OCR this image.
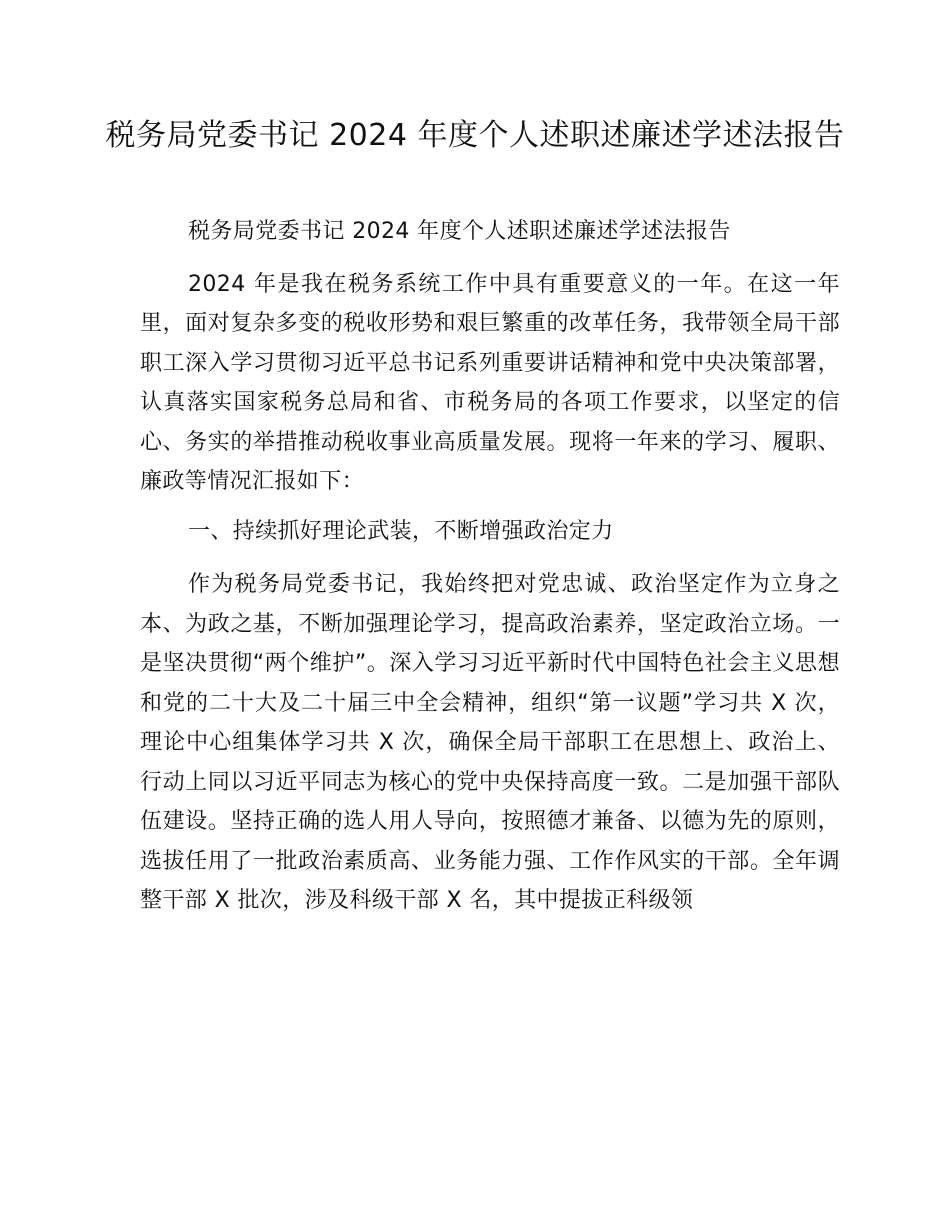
税务局党委书记 2024 年度个人述职述廉述学述法报告

税务局党委书记 2024 年度个人述职述廉述学述法报告

2024 年是我在税务系统工作中具有重要意义的一年。在这一年里，面对复杂多变的税收形势和艰巨繁重的改革任务，我带领全局干部职工深入学习贯彻习近平总书记系列重要讲话精神和党中央决策部署，认真落实国家税务总局和省、市税务局的各项工作要求，以坚定的信心、务实的举措推动税收事业高质量发展。现将一年来的学习、履职、廉政等情况汇报如下：

一、持续抓好理论武装，不断增强政治定力

作为税务局党委书记，我始终把对党忠诚、政治坚定作为立身之本、为政之基，不断加强理论学习，提高政治素养，坚定政治立场。一是坚决贯彻“两个维护”。深入学习习近平新时代中国特色社会主义思想和党的二十大及二十届三中全会精神，组织“第一议题”学习共 X 次，理论中心组集体学习共 X 次，确保全局干部职工在思想上、政治上、行动上同以习近平同志为核心的党中央保持高度一致。二是加强干部队伍建设。坚持正确的选人用人导向，按照德才兼备、以德为先的原则，选拔任用了一批政治素质高、业务能力强、工作作风实的干部。全年调整干部 X 批次，涉及科级干部 X 名，其中提拔正科级领
